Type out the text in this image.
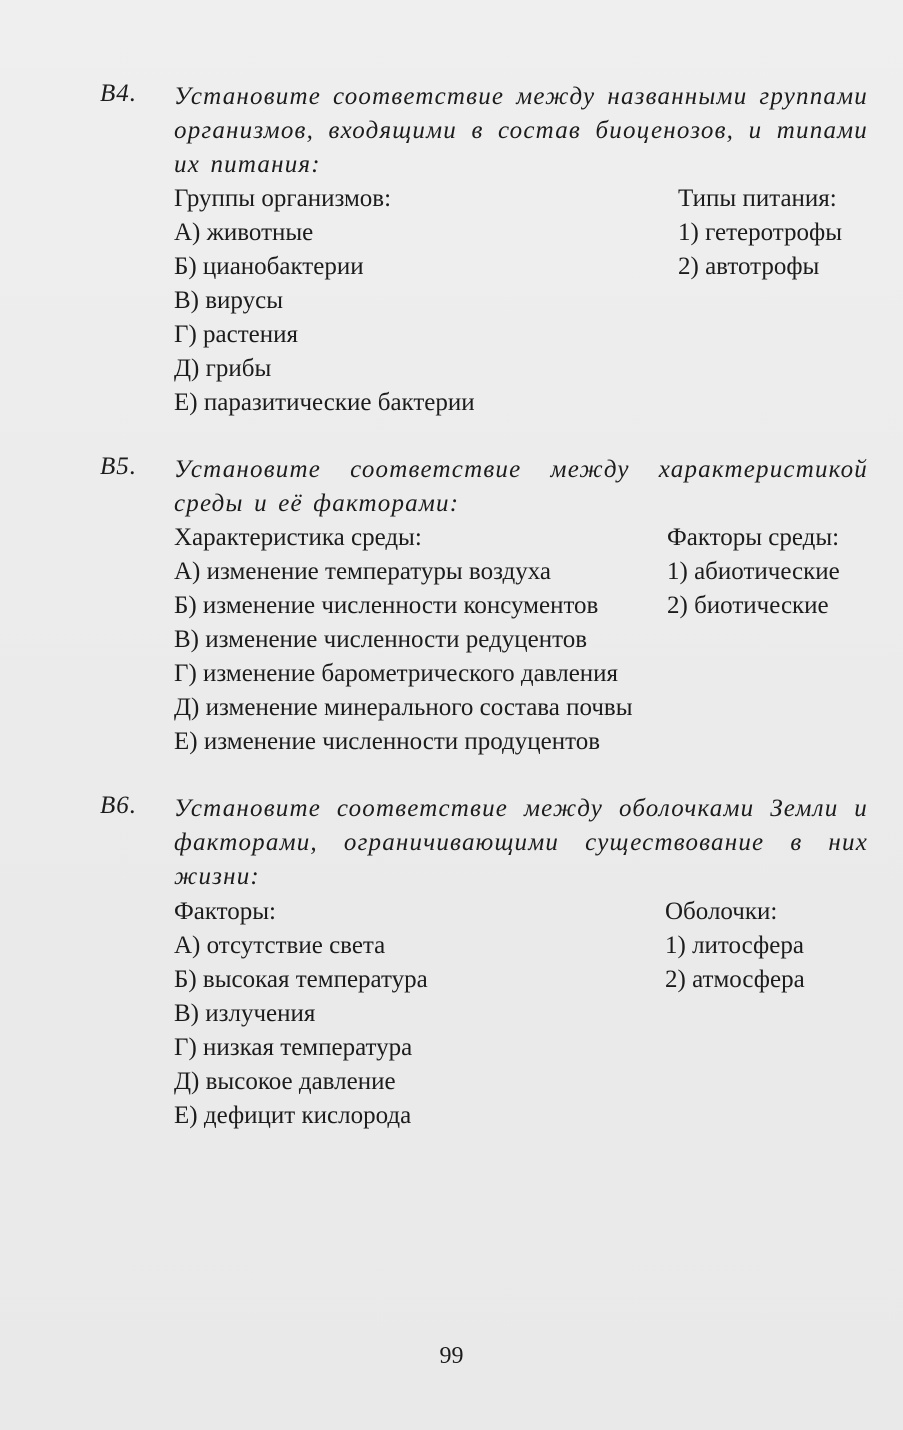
В4. Установите соответствие между названными группами организмов, входящими в состав биоценозов, и типами их питания:
Группы организмов:
А) животные
Б) цианобактерии
В) вирусы
Г) растения
Д) грибы
Е) паразитические бактерии
Типы питания:
1) гетеротрофы
2) автотрофы
В5. Установите соответствие между характеристикой среды и её факторами:
Характеристика среды:
А) изменение температуры воздуха
Б) изменение численности консументов
В) изменение численности редуцентов
Г) изменение барометрического давления
Д) изменение минерального состава почвы
Е) изменение численности продуцентов
Факторы среды:
1) абиотические
2) биотические
В6. Установите соответствие между оболочками Земли и факторами, ограничивающими существование в них жизни:
Факторы:
А) отсутствие света
Б) высокая температура
В) излучения
Г) низкая температура
Д) высокое давление
Е) дефицит кислорода
Оболочки:
1) литосфера
2) атмосфера
99
